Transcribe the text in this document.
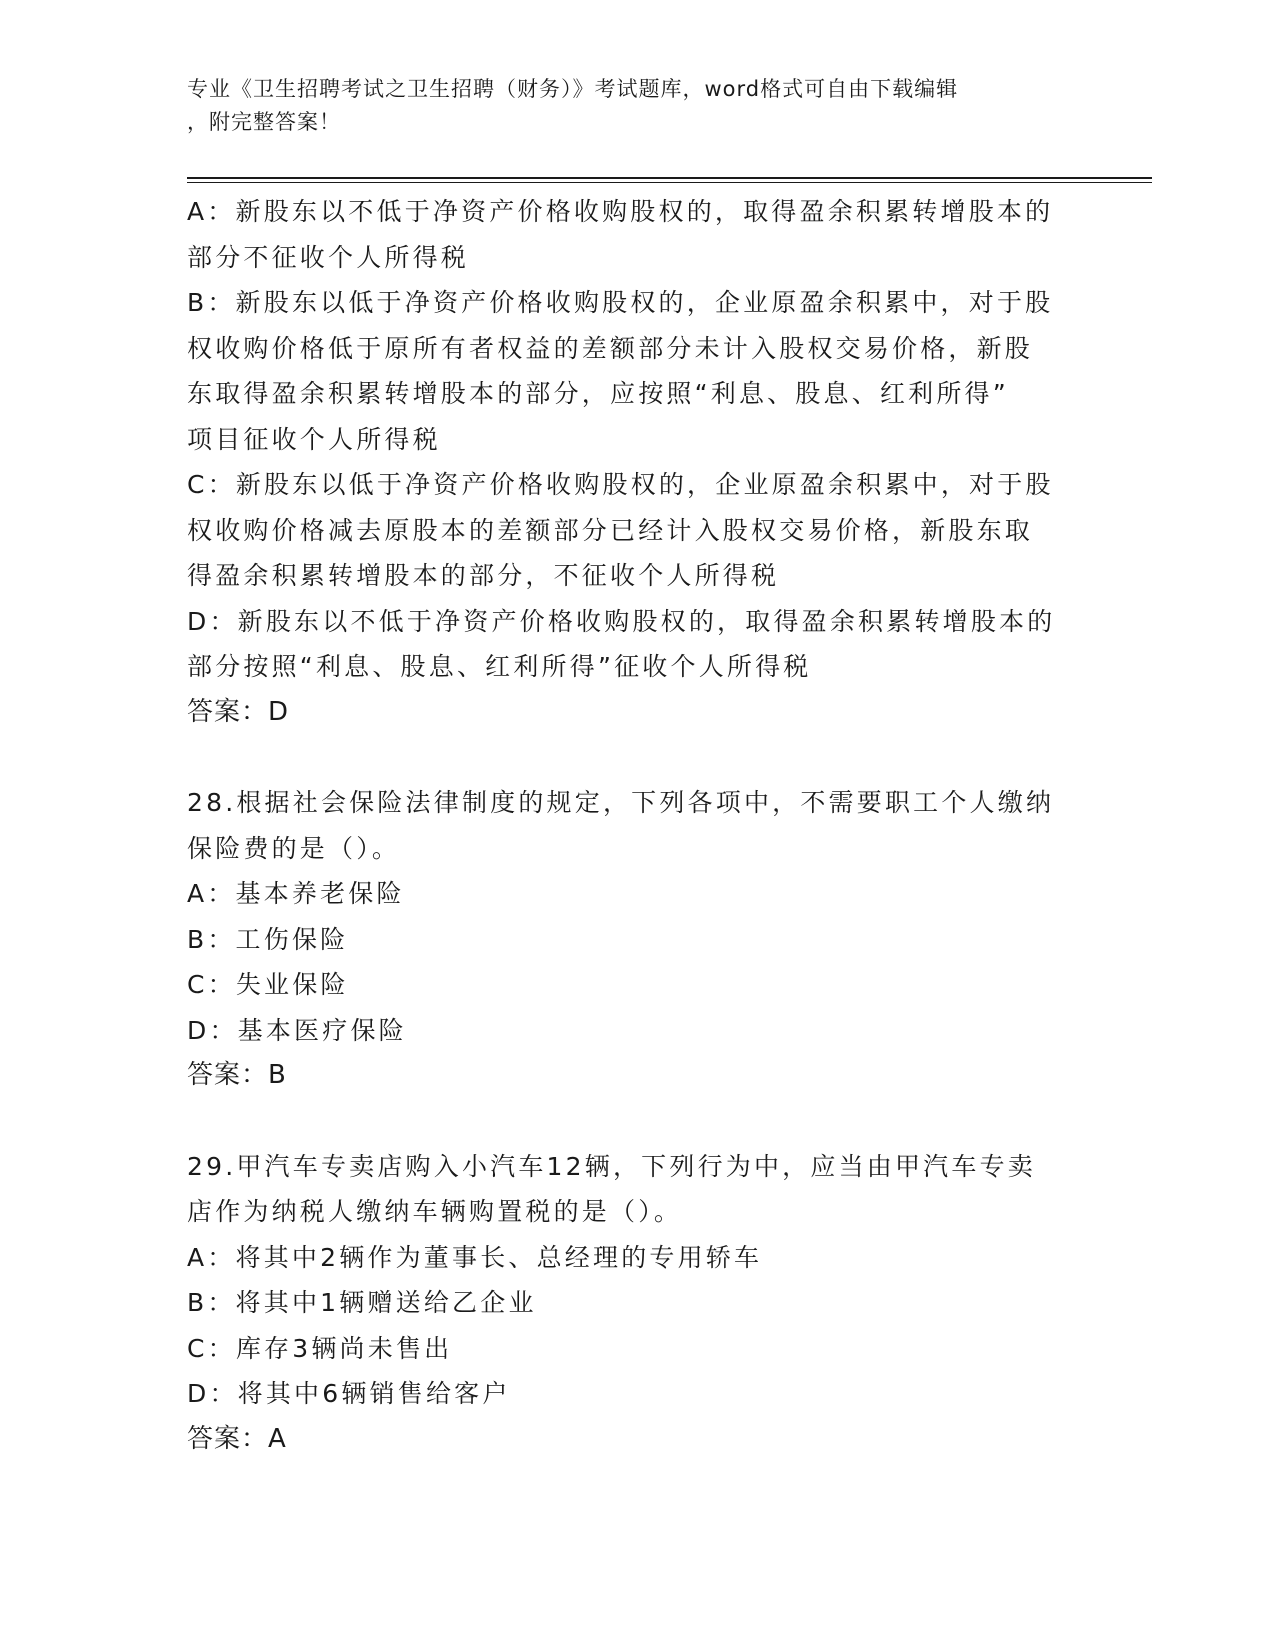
专业《卫生招聘考试之卫生招聘（财务）》考试题库，word格式可自由下载编辑
，附完整答案！
A：新股东以不低于净资产价格收购股权的，取得盈余积累转增股本的
部分不征收个人所得税
B：新股东以低于净资产价格收购股权的，企业原盈余积累中，对于股
权收购价格低于原所有者权益的差额部分未计入股权交易价格，新股
东取得盈余积累转增股本的部分，应按照“利息、股息、红利所得”
项目征收个人所得税
C：新股东以低于净资产价格收购股权的，企业原盈余积累中，对于股
权收购价格减去原股本的差额部分已经计入股权交易价格，新股东取
得盈余积累转增股本的部分，不征收个人所得税
D：新股东以不低于净资产价格收购股权的，取得盈余积累转增股本的
部分按照“利息、股息、红利所得”征收个人所得税
答案：D
28.根据社会保险法律制度的规定，下列各项中，不需要职工个人缴纳
保险费的是（）。
A：基本养老保险
B：工伤保险
C：失业保险
D：基本医疗保险
答案：B
29.甲汽车专卖店购入小汽车12辆，下列行为中，应当由甲汽车专卖
店作为纳税人缴纳车辆购置税的是（）。
A：将其中2辆作为董事长、总经理的专用轿车
B：将其中1辆赠送给乙企业
C：库存3辆尚未售出
D：将其中6辆销售给客户
答案：A
